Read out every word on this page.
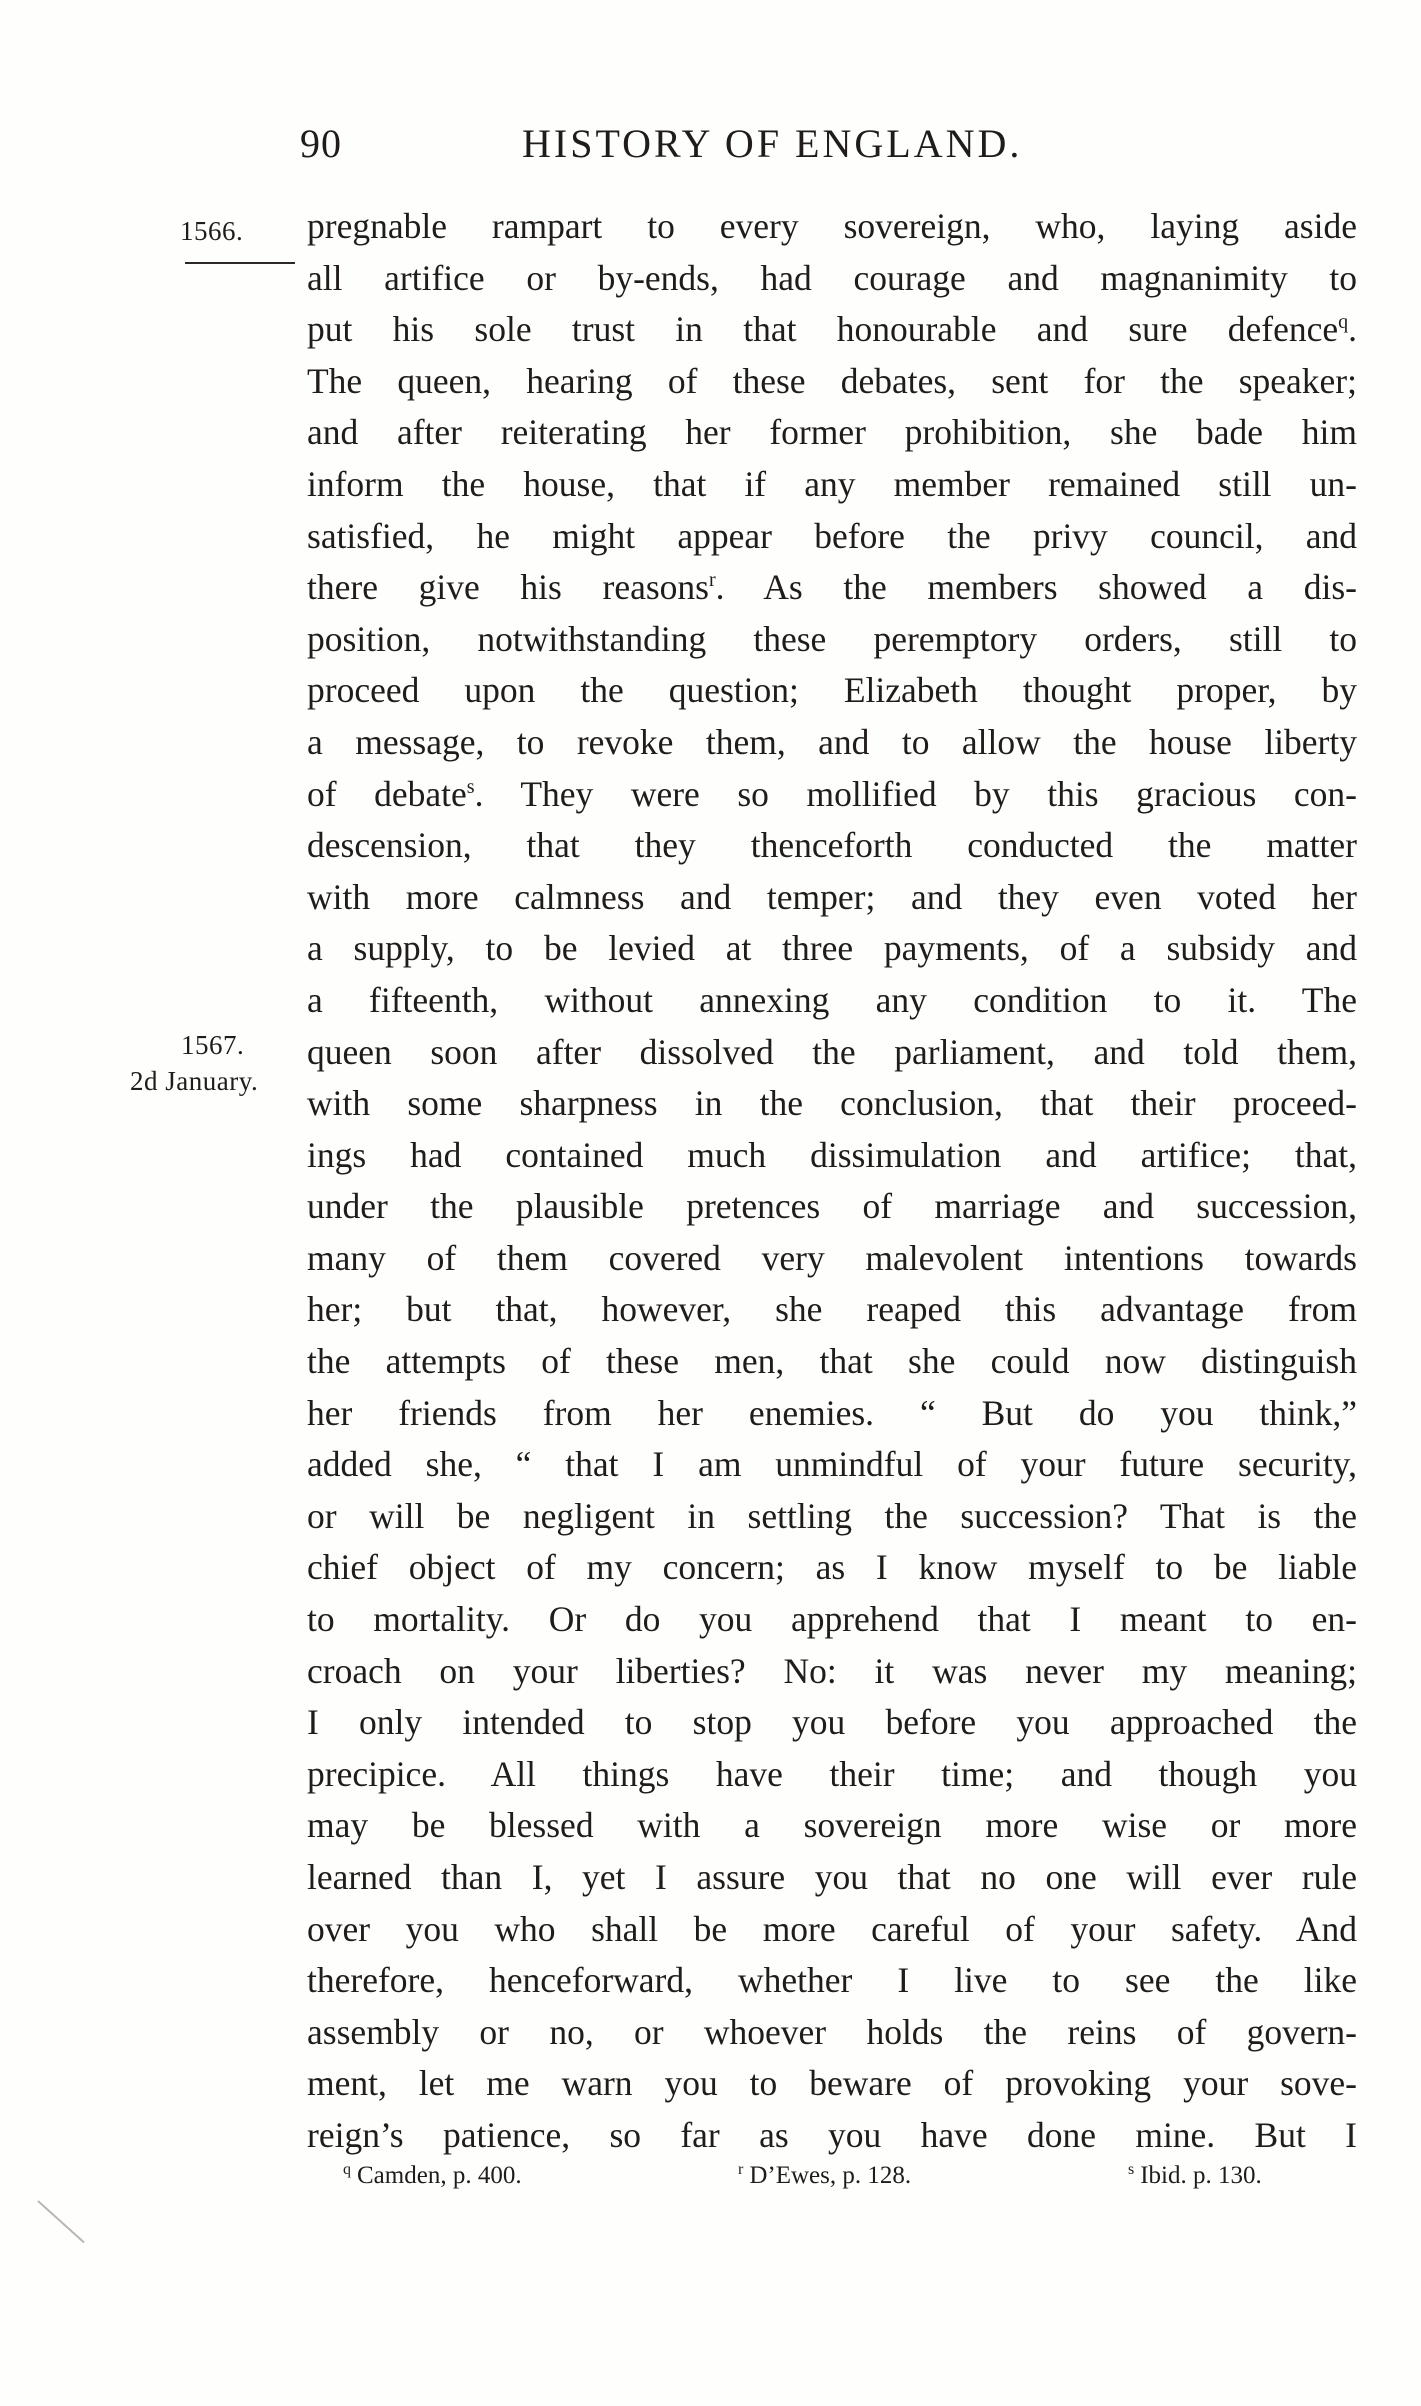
90	HISTORY OF ENGLAND.
1566.
1567.
2d January.
pregnable rampart to every sovereign, who, laying aside
all artifice or by-ends, had courage and magnanimity to
put his sole trust in that honourable and sure defence$^q$.
The queen, hearing of these debates, sent for the speaker;
and after reiterating her former prohibition, she bade him
inform the house, that if any member remained still un-
satisfied, he might appear before the privy council, and
there give his reasons$^r$. As the members showed a dis-
position, notwithstanding these peremptory orders, still to
proceed upon the question; Elizabeth thought proper, by
a message, to revoke them, and to allow the house liberty
of debate$^s$. They were so mollified by this gracious con-
descension, that they thenceforth conducted the matter
with more calmness and temper; and they even voted her
a supply, to be levied at three payments, of a subsidy and
a fifteenth, without annexing any condition to it. The
queen soon after dissolved the parliament, and told them,
with some sharpness in the conclusion, that their proceed-
ings had contained much dissimulation and artifice; that,
under the plausible pretences of marriage and succession,
many of them covered very malevolent intentions towards
her; but that, however, she reaped this advantage from
the attempts of these men, that she could now distinguish
her friends from her enemies. “ But do you think,”
added she, “ that I am unmindful of your future security,
or will be negligent in settling the succession? That is the
chief object of my concern; as I know myself to be liable
to mortality. Or do you apprehend that I meant to en-
croach on your liberties? No: it was never my meaning;
I only intended to stop you before you approached the
precipice. All things have their time; and though you
may be blessed with a sovereign more wise or more
learned than I, yet I assure you that no one will ever rule
over you who shall be more careful of your safety. And
therefore, henceforward, whether I live to see the like
assembly or no, or whoever holds the reins of govern-
ment, let me warn you to beware of provoking your sove-
reign’s patience, so far as you have done mine. But I
$^q$ Camden, p. 400.	$^r$ D’Ewes, p. 128.	$^s$ Ibid. p. 130.
